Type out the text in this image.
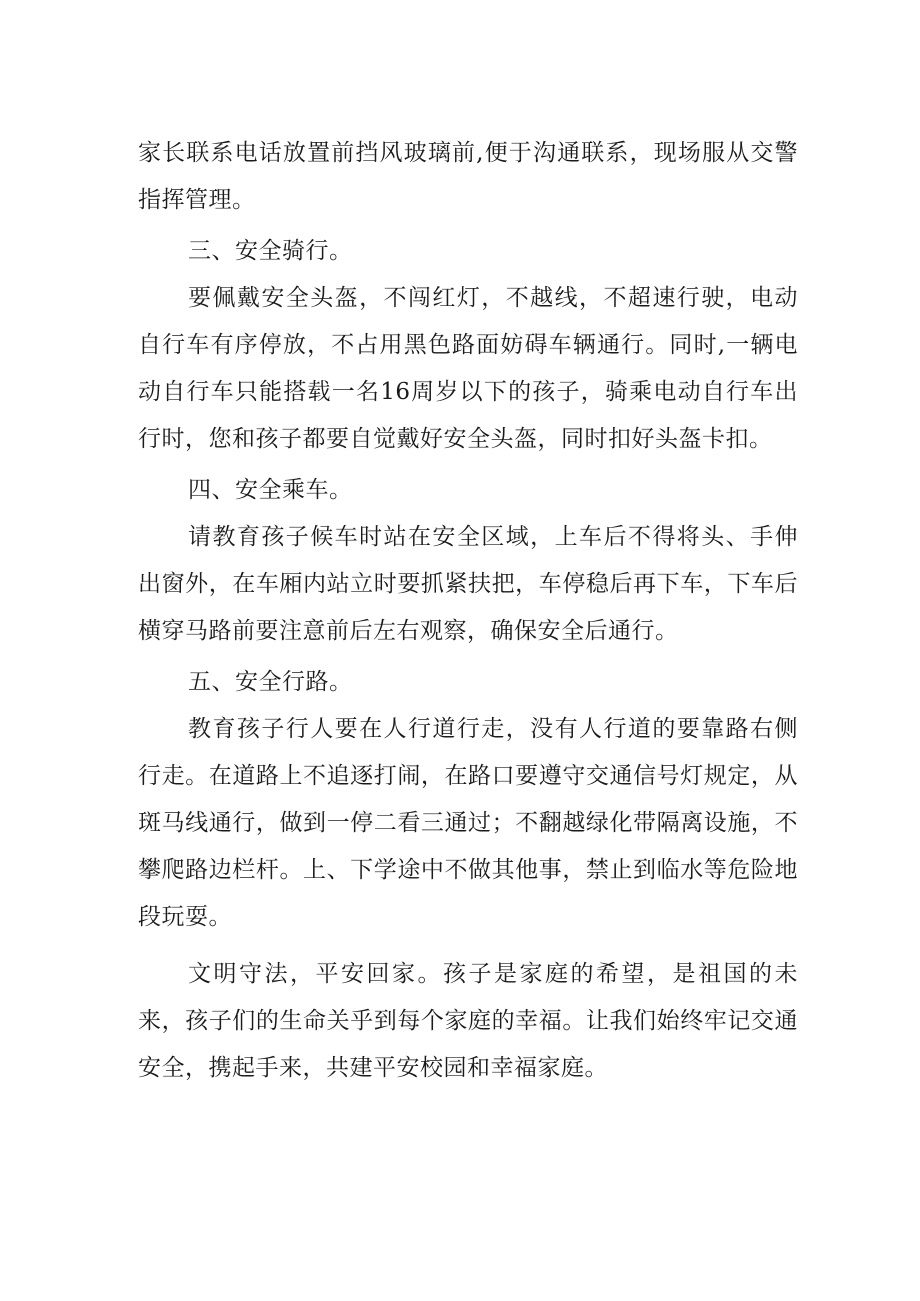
家长联系电话放置前挡风玻璃前,便于沟通联系，现场服从交警指挥管理。

三、安全骑行。

要佩戴安全头盔，不闯红灯，不越线，不超速行驶，电动自行车有序停放，不占用黑色路面妨碍车辆通行。同时,一辆电动自行车只能搭载一名16周岁以下的孩子，骑乘电动自行车出行时，您和孩子都要自觉戴好安全头盔，同时扣好头盔卡扣。

四、安全乘车。

请教育孩子候车时站在安全区域，上车后不得将头、手伸出窗外，在车厢内站立时要抓紧扶把，车停稳后再下车，下车后横穿马路前要注意前后左右观察，确保安全后通行。

五、安全行路。

教育孩子行人要在人行道行走，没有人行道的要靠路右侧行走。在道路上不追逐打闹，在路口要遵守交通信号灯规定，从斑马线通行，做到一停二看三通过；不翻越绿化带隔离设施，不攀爬路边栏杆。上、下学途中不做其他事，禁止到临水等危险地段玩耍。

文明守法，平安回家。孩子是家庭的希望，是祖国的未来，孩子们的生命关乎到每个家庭的幸福。让我们始终牢记交通安全，携起手来，共建平安校园和幸福家庭。
